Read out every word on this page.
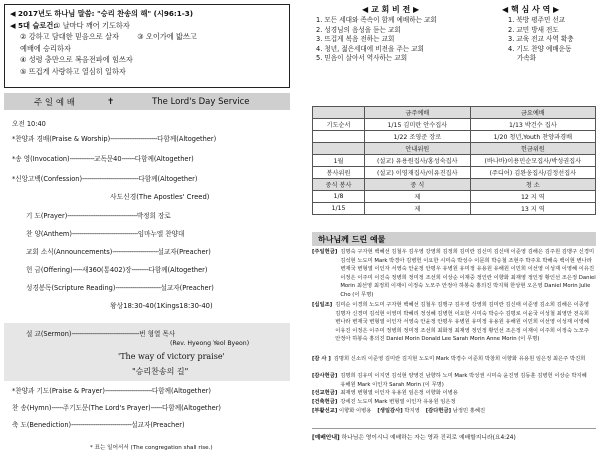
◀ 2017년도 하나님 말씀: "승리 찬송의 해" (시96:1-3)
◀ 5대 슬로건:
① 날마다 깨어 기도하자
② 강하고 담대한 믿음으로 살자	③ 오이가에 밟쓰고
예배에 승리하자
④ 성령 충만으로 복음전파에 힘쓰자
⑤ 뜨겁게 사랑하고 열심히 일하자
주 일 예 배	✝	The Lord's Day Service
오전 10:40
*찬양과 경배(Praise & Worship)-------------------------다함께(Altogether)
*송 영(Invocation)-------------교독문40-------다함께(Altogether)
*신앙고백(Confession)------------------------------다함께(Altogether)
사도신경(The Apostles' Creed)
기 도(Prayer)-------------------------------------박정희 장로
찬 양(Anthem)-----------------------------------임마누엘 찬양대
교회 소식(Announcements)------------------------설교자(Preacher)
헌 금(Offering)-----새360(통402)장---------다함께(Altogether)
성경봉독(Scripture Reading)------------------------설교자(Preacher)
왕상18:30-40(1Kings18:30-40)
설 교(Sermon)------------------------------------번 형열 목사
(Rev. Hyeong Yeol Byeon)
'The way of victory praise'
"승리찬송의 길"
*찬양과 기도(Praise & Prayer)-------------------------다함께(Altogether)
찬 송(Hymn)------주기도문(The Lord's Prayer)------다함께(Altogether)
축 도(Benediction)--------------------------------설교자(Preacher)
* 표는 일어서서 (The congregation shall rise.)
◀ 교 회 비 전 ▶
1. 모든 세대와 족속이 함께 예배하는 교회
2. 성경님의 음성을 듣는 교회
3. 뜨겁게 복음 전하는 교회
4. 청년, 젊은세대에 비전을 주는 교회
5. 믿음이 살아서 역사하는 교회
◀ 핵 심 사 역 ▶
1. 북방 평주민 선교
2. 교민 방새 전도
3. 교육 전교 사역 확충
4. 기도 찬양 예배운동
가속화
	금주예배	금요예배
기도순서	1/15 김미란 안수집사	1/13 박건수 집사
	1/22 조영준 장로	1/20 청년,Youth 찬양과경배
	안내위원	헌금위원
1월	(설교) 유용원집사/홍성숙집사	(바나바)이용민순모집사/박성권집사
봉사위원	(설교) 이영재집사/이유진집사	(주디어) 김완웅집사/김정선집사
중식 봉사	중 식	청 소
1/8	제	12 지 역
1/15	제	13 지 역
하나님께 드린 예물
[주일헌금] 김명숙 구자현 백혜선 김철우 김우영 강영희 김정희 김미란 김신미 김신태 이준영 김해은 김주원 김맹구 신경미 김석현 노도미 Mark 박경아 김병헌 이요한 시미숙 박성수 이문희 박승철 조현주 박주호 박해숙 백이현 변나라 변재국 변형열 이인자 서영숙 안윤정 안평우 유병원 유미정 유용원 유해원 이민희 이선영 이성재 이영혜 이유진 이정은 이주미 이진숙 정병희 정미정 조선희 이상순 이재중 정인란 이향화 최재영 정인정 황인선 조은정 Daniel Morin 최선영 최정희 이재이 이정숙 노모주 안정아 하봉숙 홍의진 박지혁 한상현 오은영 Daniel Morin Julie Cho (이 무명)
[십일조] 김미순 이경희 노도미 구자현 백혜선 김철우 김맹구 김우영 강영희 김미란 김신태 이준영 김소희 김해은 이종영 김명자 신경미 김석현 이영미 박혜리 정성혜 김병헌 이요한 시미숙 박승수 김평로 이윤국 이성철 최영만 전옥희 변나라 변재국 변형열 이인자 서영숙 안윤정 안평우 유병원 유미정 유용원 유해원 이민희 이선영 이성재 이영혜 이유진 이정은 이주미 정병희 정미정 조선희 최화정 최재영 정인정 황인선 조은정 이재이 이주희 이정숙 노모주 안정아 하봉숙 홍의진 Daniel Morin Donald Lee Sarah Morin Anne Morin (이 무명)
[감 사 ] 김명희 신소리 이준영 김미란 김지현 노도미 Mark 박경수 이준희 박창희 이향화 유용원 임은정 최은주 박진희
[감사헌금] 김명희 김유미 이지연 김석현 양영진 남향하 노미 Mark 박성권 시미숙 윤진영 김동훈 김병헌 이상순 박지혜 유해원 Mark 이인자 Sarah Morin (이 무명)
[선교헌금] 최재영 변형열 이인자 유용원 임은정 이향화 이병용
[건축헌금] 강세진 노도미 Mark 변형열 이인자 유용원 임은정
[부활선교] 이향화 이병용 [생일감사] 박지영 [감다헌금] 남정민 홍혜진
[예배안내] 하나님은 영이시니 예배하는 자는 영과 진리로 예배할지니라(요4:24)
